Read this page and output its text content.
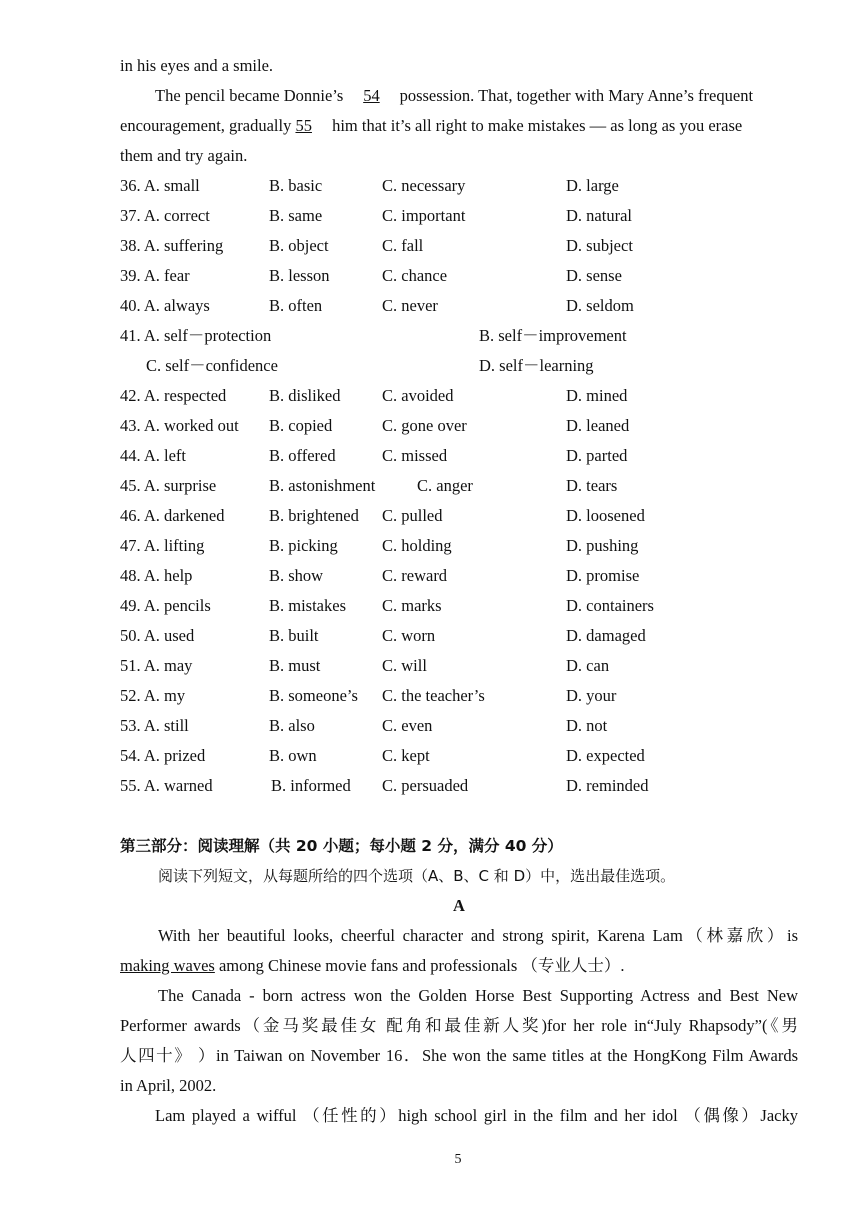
in his eyes and a smile.
The pencil became Donnie’s 54 possession. That, together with Mary Anne’s frequent
encouragement, gradually 55 him that it’s all right to make mistakes — as long as you erase
them and try again.
36. A. small	B. basic	C. necessary	D. large
37. A. correct	B. same	C. important	D. natural
38. A. suffering	B. object	C. fall	D. subject
39. A. fear	B. lesson	C. chance	D. sense
40. A. always	B. often	C. never	D. seldom
41. A. self－protection	B. self－improvement
C. self－confidence	D. self－learning
42. A. respected	B. disliked	C. avoided	D. mined
43. A. worked out B. copied	C. gone over	D. leaned
44. A. left	B. offered	C. missed	D. parted
45. A. surprise	B. astonishment	C. anger	D. tears
46. A. darkened	B. brightened C. pulled	D. loosened
47. A. lifting	B. picking	C. holding	D. pushing
48. A. help	B. show	C. reward	D. promise
49. A. pencils	B. mistakes C. marks	D. containers
50. A. used	B. built	C. worn	D. damaged
51. A. may	B. must	C. will	D. can
52. A. my	B. someone’s C. the teacher’s	D. your
53. A. still	B. also	C. even	D. not
54. A. prized	B. own	C. kept	D. expected
55. A. warned	B. informed C. persuaded	D. reminded
第三部分：阅读理解（共 20 小题；每小题 2 分，满分 40 分）
阅读下列短文，从每题所给的四个选项（A、B、C 和 D）中，选出最佳选项。
A
With her beautiful looks, cheerful character and strong spirit, Karena Lam（林嘉欣）is
making waves among Chinese movie fans and professionals （专业人士）.
The Canada - born actress won the Golden Horse Best Supporting Actress and Best New
Performer awards（金马奖最佳女 配角和最佳新人奖)for her role in“July Rhapsody”(《男
人四十》 ）in Taiwan on November 16．She won the same titles at the HongKong Film Awards
in April, 2002.
Lam played a wifful （任性的）high school girl in the film and her idol （偶像）Jacky
5
